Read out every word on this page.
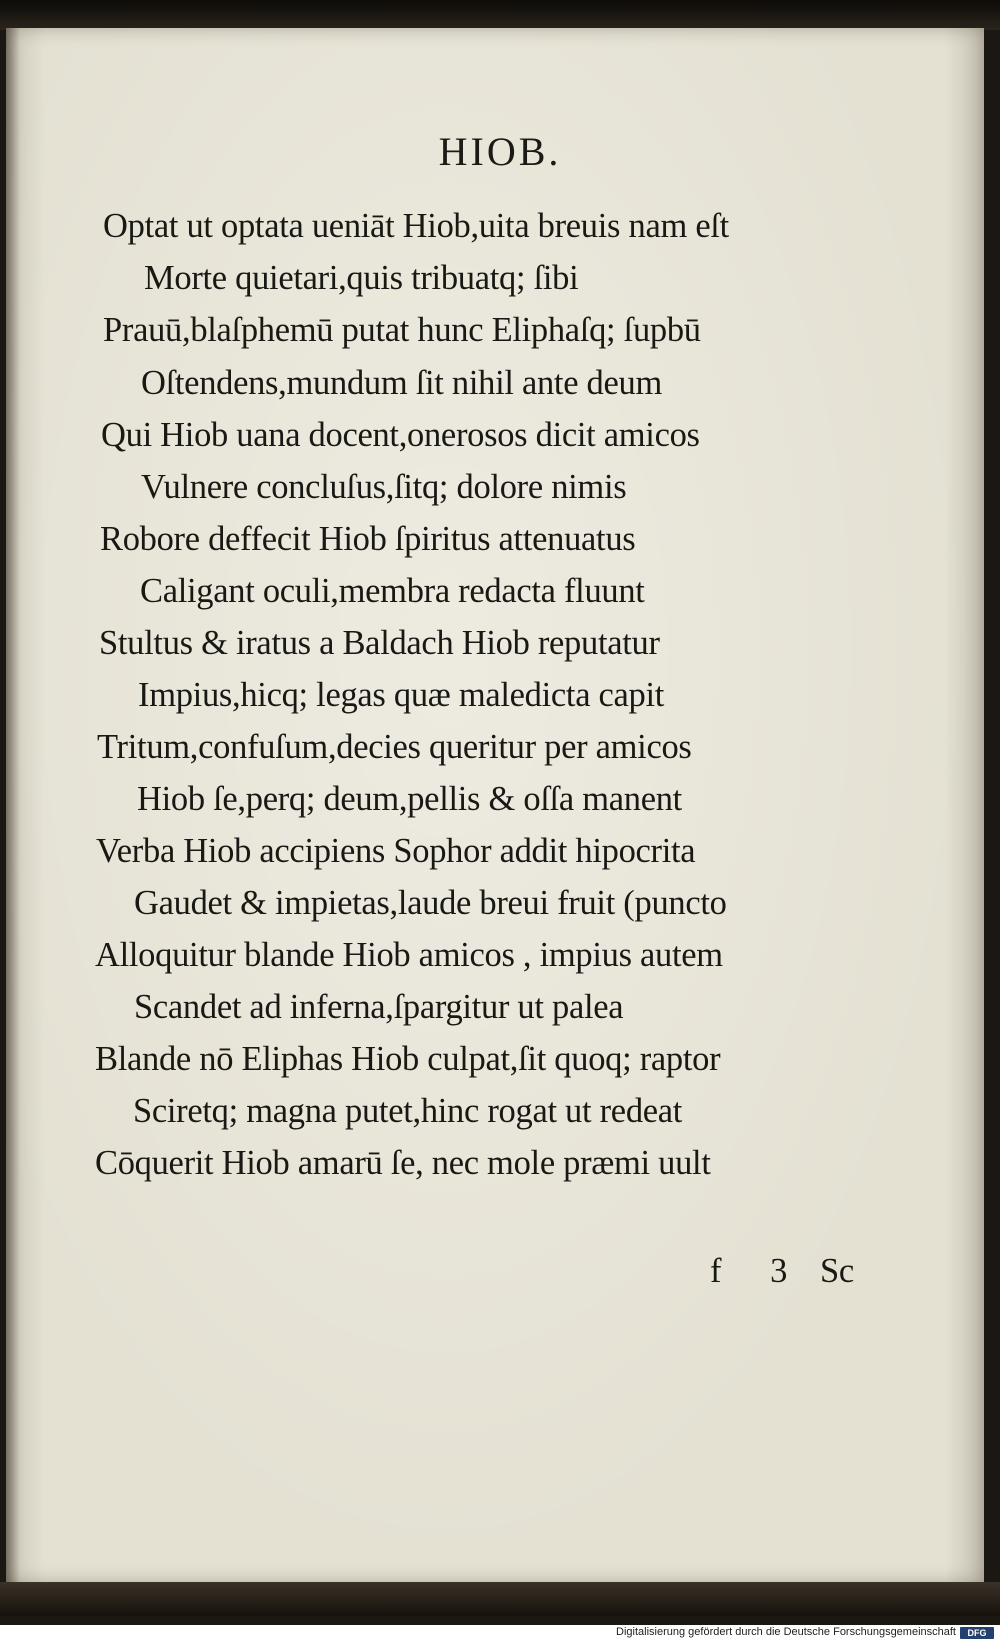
HIOB.
Optat ut optata ueniāt Hiob,uita breuis nam eſt
Morte quietari,quis tribuatq; ſibi
Prauū,blaſphemū putat hunc Eliphaſq; ſupbū
Oſtendens,mundum ſit nihil ante deum
Qui Hiob uana docent,onerosos dicit amicos
Vulnere concluſus,ſitq; dolore nimis
Robore deffecit Hiob ſpiritus attenuatus
Caligant oculi,membra redacta fluunt
Stultus & iratus a Baldach Hiob reputatur
Impius,hicq; legas quæ maledicta capit
Tritum,confuſum,decies queritur per amicos
Hiob ſe,perq; deum,pellis & oſſa manent
Verba Hiob accipiens Sophor addit hipocrita
Gaudet & impietas,laude breui fruit (puncto
Alloquitur blande Hiob amicos , impius autem
Scandet ad inferna,ſpargitur ut palea
Blande nō Eliphas Hiob culpat,ſit quoq; raptor
Sciretq; magna putet,hinc rogat ut redeat
Cōquerit Hiob amarū ſe, nec mole præmi uult
f 3 Sc
Digitalisierung gefördert durch die Deutsche Forschungsgemeinschaft	DFG
